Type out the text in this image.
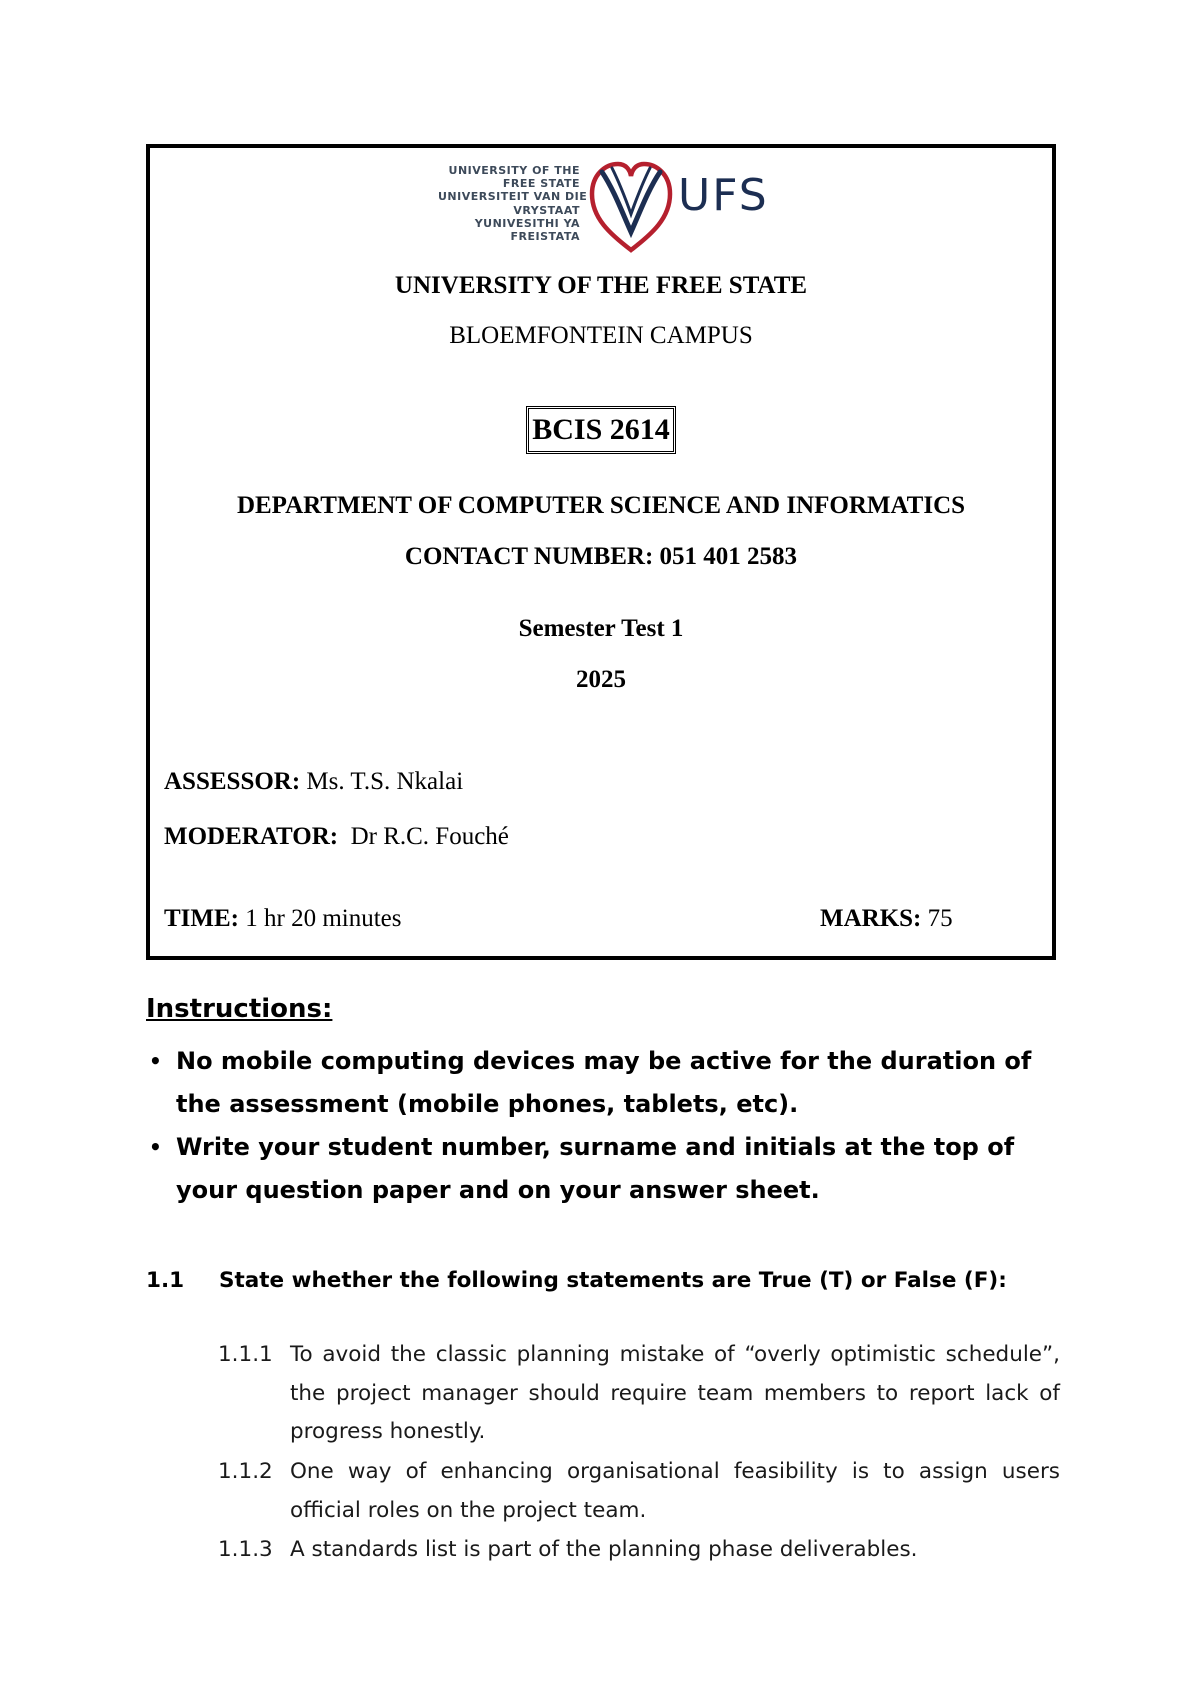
UNIVERSITY OF THE
FREE STATE
UNIVERSITEIT VAN DIE
VRYSTAAT
YUNIVESITHI YA
FREISTATA
UFS
UNIVERSITY OF THE FREE STATE
BLOEMFONTEIN CAMPUS
BCIS 2614
DEPARTMENT OF COMPUTER SCIENCE AND INFORMATICS
CONTACT NUMBER: 051 401 2583
Semester Test 1
2025
ASSESSOR: Ms. T.S. Nkalai
MODERATOR: Dr R.C. Fouché
TIME: 1 hr 20 minutes	MARKS: 75
Instructions:
• No mobile computing devices may be active for the duration of the assessment (mobile phones, tablets, etc).
• Write your student number, surname and initials at the top of your question paper and on your answer sheet.
1.1 State whether the following statements are True (T) or False (F):
1.1.1 To avoid the classic planning mistake of “overly optimistic schedule”, the project manager should require team members to report lack of progress honestly.
1.1.2 One way of enhancing organisational feasibility is to assign users official roles on the project team.
1.1.3 A standards list is part of the planning phase deliverables.
